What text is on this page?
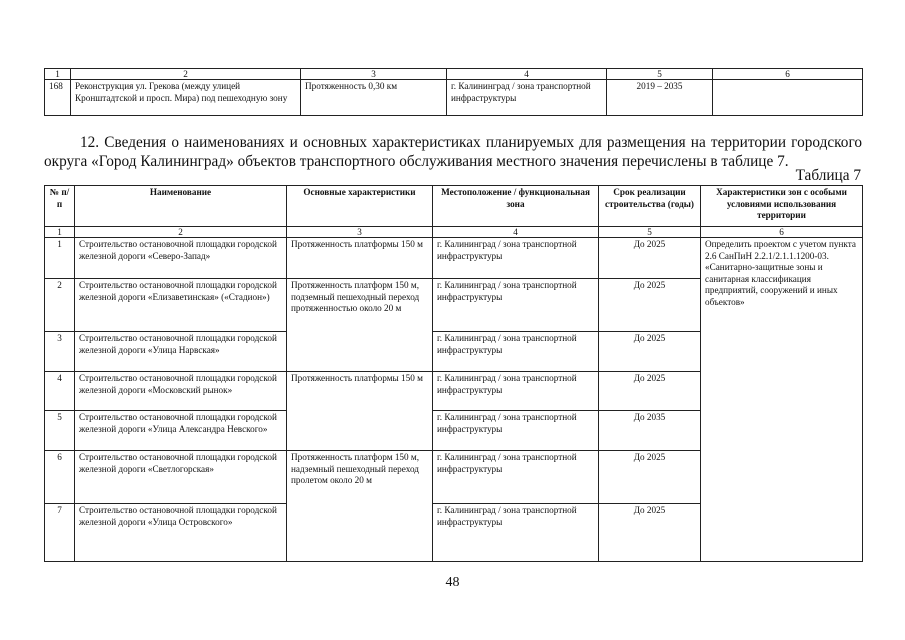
1	2	3	4	5	6
168	Реконструкция ул. Грекова (между улицей Кронштадтской и просп. Мира) под пешеходную зону	Протяженность 0,30 км	г. Калининград / зона транспортной инфраструктуры	2019 – 2035	
12. Сведения о наименованиях и основных характеристиках планируемых для размещения на территории городского округа «Город Калининград» объектов транспортного обслуживания местного значения перечислены в таблице 7.
Таблица 7
№ п/п	Наименование	Основные характеристики	Местоположение / функциональная зона	Срок реализации строительства (годы)	Характеристики зон с особыми условиями использования территории
1	2	3	4	5	6
1	Строительство остановочной площадки городской железной дороги «Северо-Запад»	Протяженность платформы 150 м	г. Калининград / зона транспортной инфраструктуры	До 2025	Определить проектом с учетом пункта 2.6 СанПиН 2.2.1/2.1.1.1200-03. «Санитарно-защитные зоны и санитарная классификация предприятий, сооружений и иных объектов»
2	Строительство остановочной площадки городской железной дороги «Елизаветинская» («Стадион»)	Протяженность платформ 150 м, подземный пешеходный переход протяженностью около 20 м	г. Калининград / зона транспортной инфраструктуры	До 2025	
3	Строительство остановочной площадки городской железной дороги «Улица Нарвская»		г. Калининград / зона транспортной инфраструктуры	До 2025	
4	Строительство остановочной площадки городской железной дороги «Московский рынок»	Протяженность платформы 150 м	г. Калининград / зона транспортной инфраструктуры	До 2025	
5	Строительство остановочной площадки городской железной дороги «Улица Александра Невского»		г. Калининград / зона транспортной инфраструктуры	До 2035	
6	Строительство остановочной площадки городской железной дороги «Светлогорская»	Протяженность платформ 150 м, надземный пешеходный переход пролетом около 20 м	г. Калининград / зона транспортной инфраструктуры	До 2025	
7	Строительство остановочной площадки городской железной дороги «Улица Островского»		г. Калининград / зона транспортной инфраструктуры	До 2025	
48
